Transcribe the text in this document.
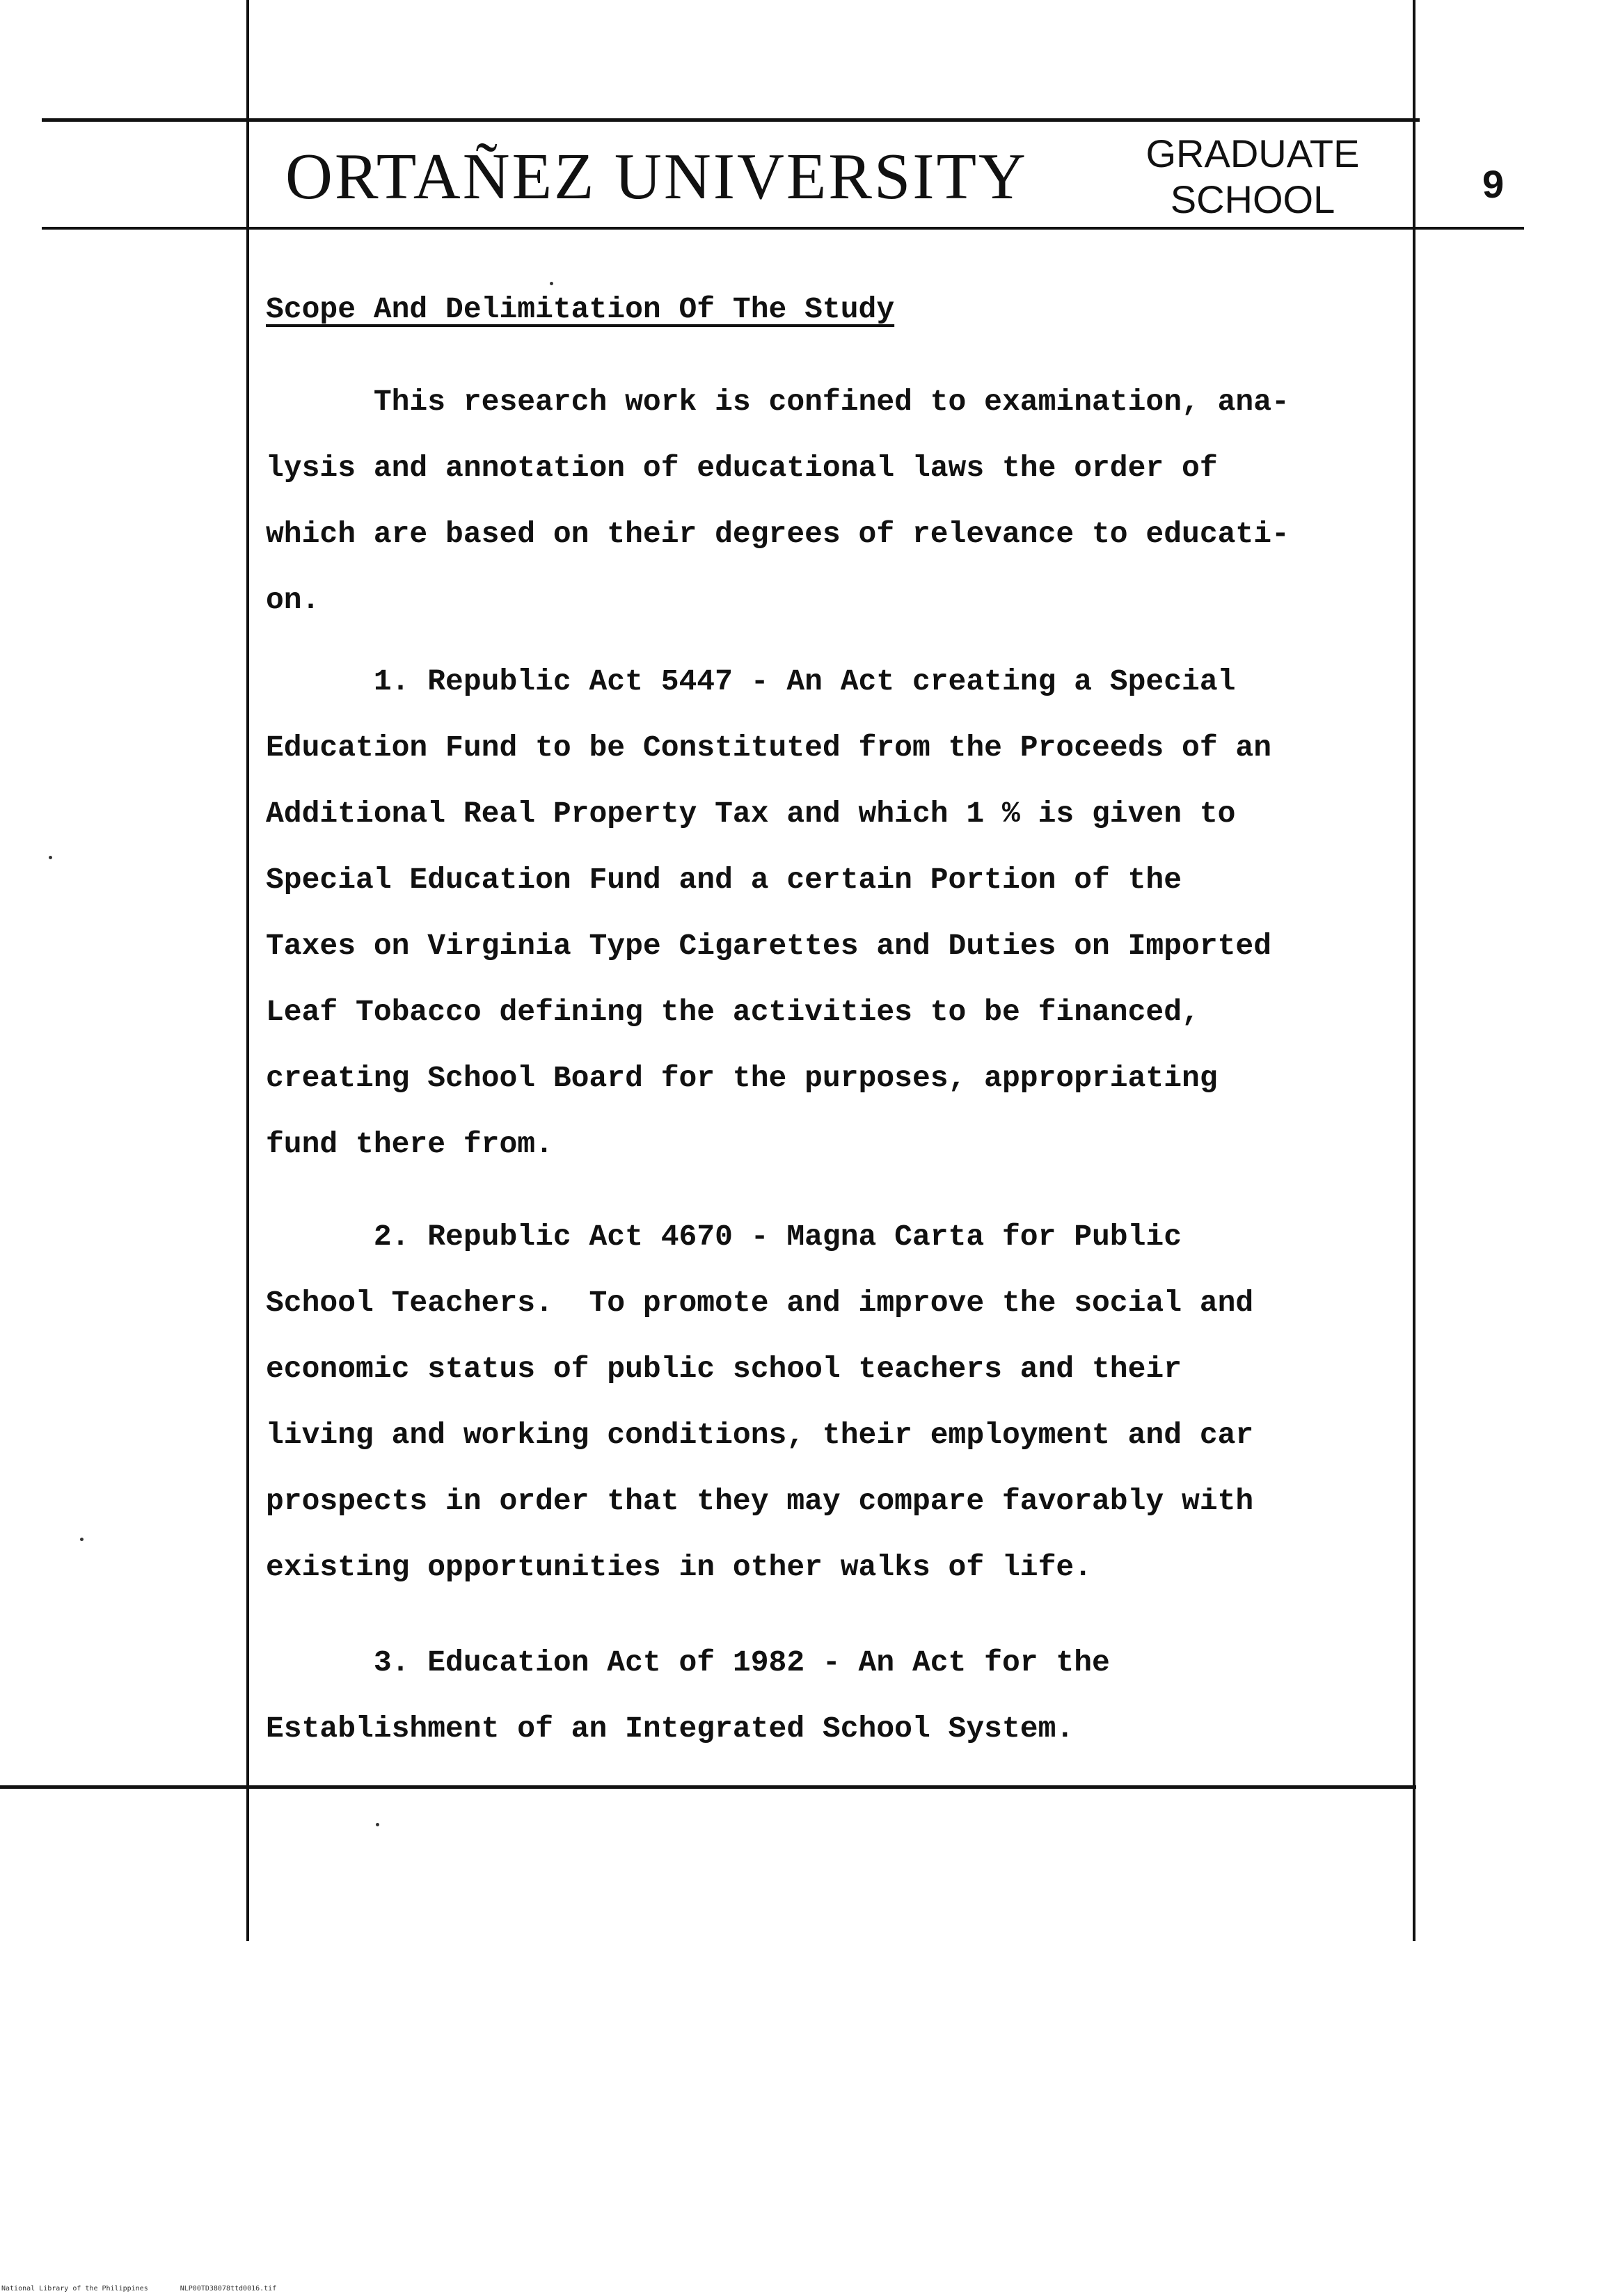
ORTAÑEZ UNIVERSITY	GRADUATE
SCHOOL	9
Scope And Delimitation Of The Study
This research work is confined to examination, ana-
lysis and annotation of educational laws the order of
which are based on their degrees of relevance to educati-
on.
1. Republic Act 5447 - An Act creating a Special
Education Fund to be Constituted from the Proceeds of an
Additional Real Property Tax and which 1 % is given to
Special Education Fund and a certain Portion of the
Taxes on Virginia Type Cigarettes and Duties on Imported
Leaf Tobacco defining the activities to be financed,
creating School Board for the purposes, appropriating
fund there from.
2. Republic Act 4670 - Magna Carta for Public
School Teachers.  To promote and improve the social and
economic status of public school teachers and their
living and working conditions, their employment and car
prospects in order that they may compare favorably with
existing opportunities in other walks of life.
3. Education Act of 1982 - An Act for the
Establishment of an Integrated School System.
National Library of the Philippines	NLP00TD38078ttd0016.tif
